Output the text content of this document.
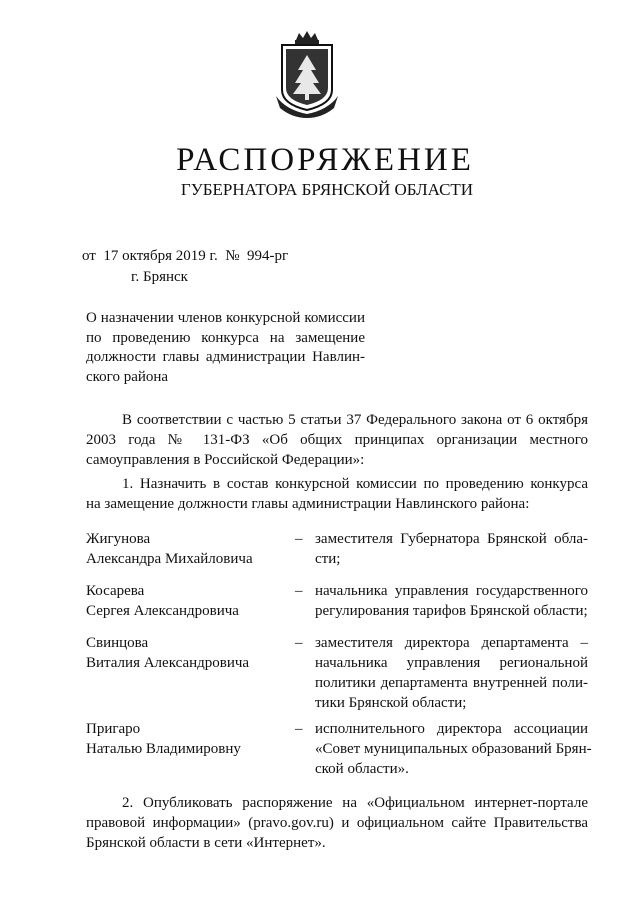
РАСПОРЯЖЕНИЕ
ГУБЕРНАТОРА БРЯНСКОЙ ОБЛАСТИ
от 17 октября 2019 г. № 994-рг
г. Брянск
О назначении членов конкурсной комиссии
по проведению конкурса на замещение
должности главы администрации Навлин-
ского района
В соответствии с частью 5 статьи 37 Федерального закона от 6 октября
2003 года № 131-ФЗ «Об общих принципах организации местного
самоуправления в Российской Федерации»:
1. Назначить в состав конкурсной комиссии по проведению конкурса
на замещение должности главы администрации Навлинского района:
Жигунова
Александра Михайловича
– заместителя Губернатора Брянской обла-
сти;
Косарева
Сергея Александровича
– начальника управления государственного
регулирования тарифов Брянской области;
Свинцова
Виталия Александровича
– заместителя директора департамента –
начальника управления региональной
политики департамента внутренней поли-
тики Брянской области;
Пригаро
Наталью Владимировну
– исполнительного директора ассоциации
«Совет муниципальных образований Брян-
ской области».
2. Опубликовать распоряжение на «Официальном интернет-портале
правовой информации» (pravo.gov.ru) и официальном сайте Правительства
Брянской области в сети «Интернет».
